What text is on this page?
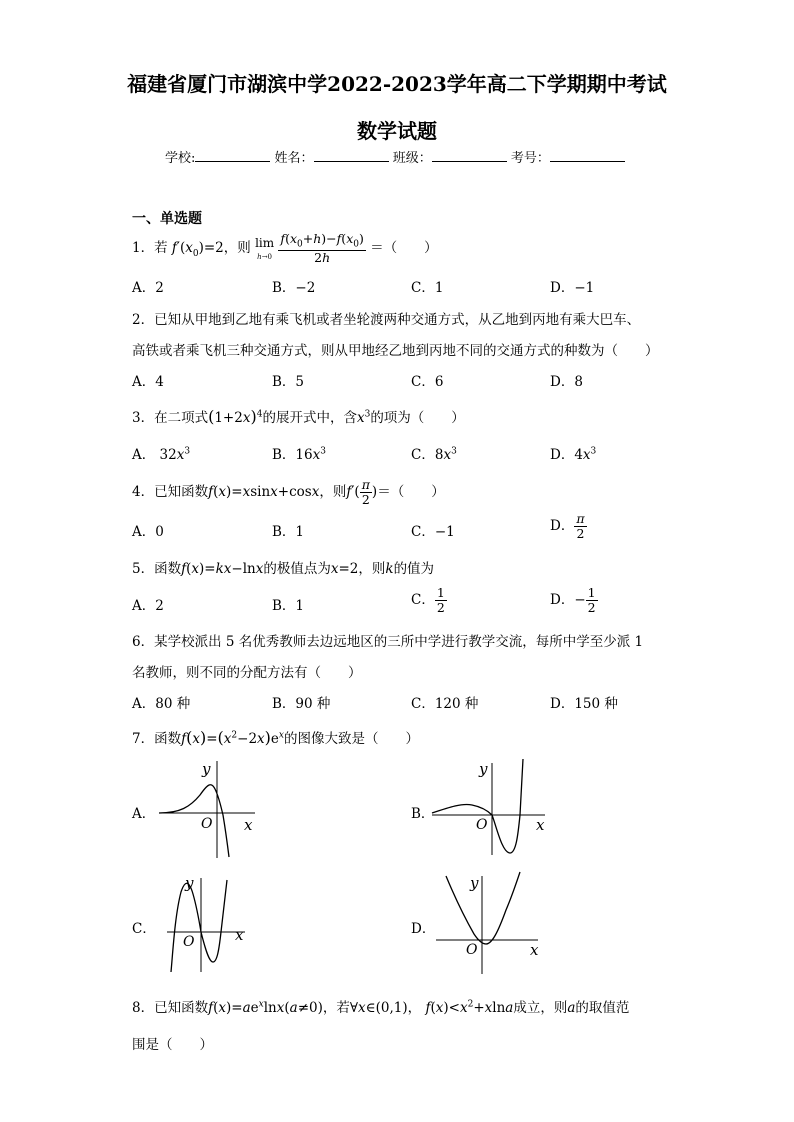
福建省厦门市湖滨中学2022-2023学年高二下学期期中考试
数学试题
学校:	姓名：	班级：	考号：
一、单选题
1．若 $f'(x_0)=2$，则 lim
$h\to 0 \frac{f(x_0+h)-f(x_0)}{2h}$ ＝（　　）
A．2	B．−2	C．1	D．−1
2．已知从甲地到乙地有乘飞机或者坐轮渡两种交通方式，从乙地到丙地有乘大巴车、
高铁或者乘飞机三种交通方式，则从甲地经乙地到丙地不同的交通方式的种数为（　　）
A．4	B．5	C．6	D．8
3．在二项式$(1+2x)^4$的展开式中，含$x^3$的项为（　　）
A． $32x^3$	B．$16x^3$	C．$8x^3$	D．$4x^3$
4．已知函数f(x)=xsinx+cosx，则$f'( \frac{\pi}{2}$ )＝（　　）
A．0	B．1	C．−1	D． $\frac{\pi}{2}$
5．函数f(x)=kx−lnx的极值点为x=2，则k的值为
A．2	B．1	C． $\frac{1}{2}$	D．− $\frac{1}{2}$
6．某学校派出 5 名优秀教师去边远地区的三所中学进行教学交流，每所中学至少派 1
名教师，则不同的分配方法有（　　）
A．80 种	B．90 种	C．120 种	D．150 种
7．函数$f(x)=(x^2-2x)e^x$的图像大致是（　　）
A．
y
O x
B．
y
O	x
C．
y
O	x	D．
y
O	x
8．已知函数$f(x)=ae^x\ln x(a\ne 0)$，若∀x∈(0,1)， $f(x)<x^2+xlna$成立，则a的取值范
围是（　　）
